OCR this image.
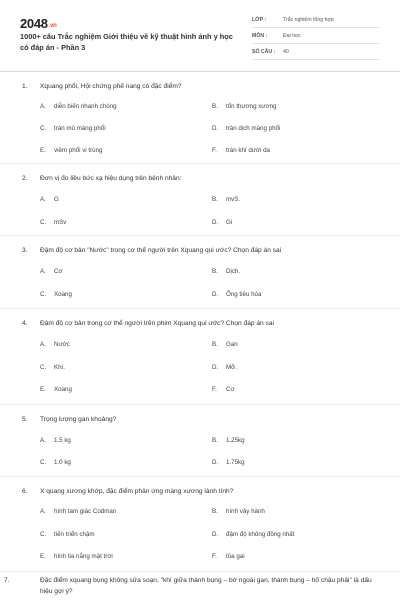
2048.vn
1000+ câu Trắc nghiệm Giới thiệu về kỹ thuật hình ảnh y học có đáp án - Phần 3
LỚP :	Trắc nghiệm tổng hợp
MÔN :	Đại học
SỐ CÂU : 40
1. Xquang phổi, Hội chứng phế nang có đặc điểm?
A. diễn biến nhanh chóng	B. tổn thương xương
C. tràn mủ màng phổi	D. tràn dịch màng phổi
E. viêm phổi vi trùng	F. tràn khí dưới da
2. Đơn vị đo liều bức xạ hiệu dụng trên bệnh nhân:
A. G	B. mvS.
C. mSv	D. Gi
3. Đậm độ cơ bản "Nước" trong cơ thể người trên Xquang qui ước? Chọn đáp án sai
A. Cơ	B. Dịch.
C. Xoang	D. Ống tiêu hóa
4. Đậm độ cơ bản trong cơ thể người trên phim Xquang qui ước? Chọn đáp án sai
A. Nước	B. Gan
C. Khí.	D. Mỡ.
E. Xoang	F. Cơ
5. Trọng lượng gan khoảng?
A. 1.5 kg	B. 1.25kg
C. 1.0 kg	D. 1.75kg
6. X quang xương khớp, đặc điểm phản ứng màng xương lành tính?
A. hình tam giác Codman	B. hình vảy hành
C. tiến triển chậm	D. đậm độ không đồng nhất
E. hình tia nắng mặt trời	F. tủa gai
7.	Đặc điểm xquang bụng không sửa soạn, "khí giữa thành bụng – bờ ngoài gan, thành bụng – hố chậu phải" là dấu hiệu gợi ý?
